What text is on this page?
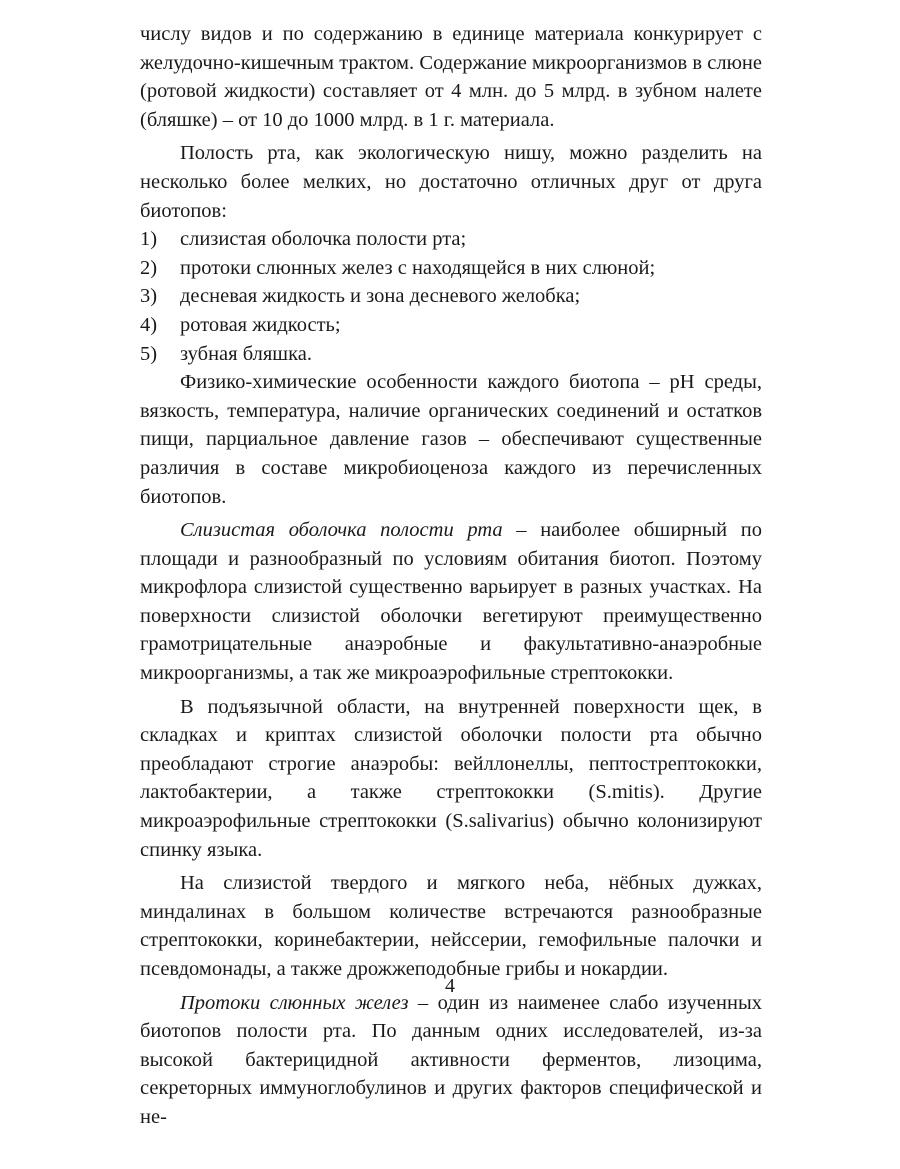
числу видов и по содержанию в единице материала конкурирует с желудочно-кишечным трактом. Содержание микроорганизмов в слюне (ротовой жидкости) составляет от 4 млн. до 5 млрд. в зубном налете (бляшке) – от 10 до 1000 млрд. в 1 г. материала.

Полость рта, как экологическую нишу, можно разделить на несколько более мелких, но достаточно отличных друг от друга биотопов:

1)	слизистая оболочка полости рта;
2)	протоки слюнных желез с находящейся в них слюной;
3)	десневая жидкость и зона десневого желобка;
4)	ротовая жидкость;
5)	зубная бляшка.

Физико-химические особенности каждого биотопа – pH среды, вязкость, температура, наличие органических соединений и остатков пищи, парциальное давление газов – обеспечивают существенные различия в составе микробиоценоза каждого из перечисленных биотопов.

Слизистая оболочка полости рта – наиболее обширный по площади и разнообразный по условиям обитания биотоп. Поэтому микрофлора слизистой существенно варьирует в разных участках. На поверхности слизистой оболочки вегетируют преимущественно грамотрицательные анаэробные и факультативно-анаэробные микроорганизмы, а так же микроаэрофильные стрептококки.

В подъязычной области, на внутренней поверхности щек, в складках и криптах слизистой оболочки полости рта обычно преобладают строгие анаэробы: вейллонеллы, пептострептококки, лактобактерии, а также стрептококки (S.mitis). Другие микроаэрофильные стрептококки (S.salivarius) обычно колонизируют спинку языка.

На слизистой твердого и мягкого неба, нёбных дужках, миндалинах в большом количестве встречаются разнообразные стрептококки, коринебактерии, нейссерии, гемофильные палочки и псевдомонады, а также дрожжеподобные грибы и нокардии.

Протоки слюнных желез – один из наименее слабо изученных биотопов полости рта. По данным одних исследователей, из-за высокой бактерицидной активности ферментов, лизоцима, секреторных иммуноглобулинов и других факторов специфической и не-

4
